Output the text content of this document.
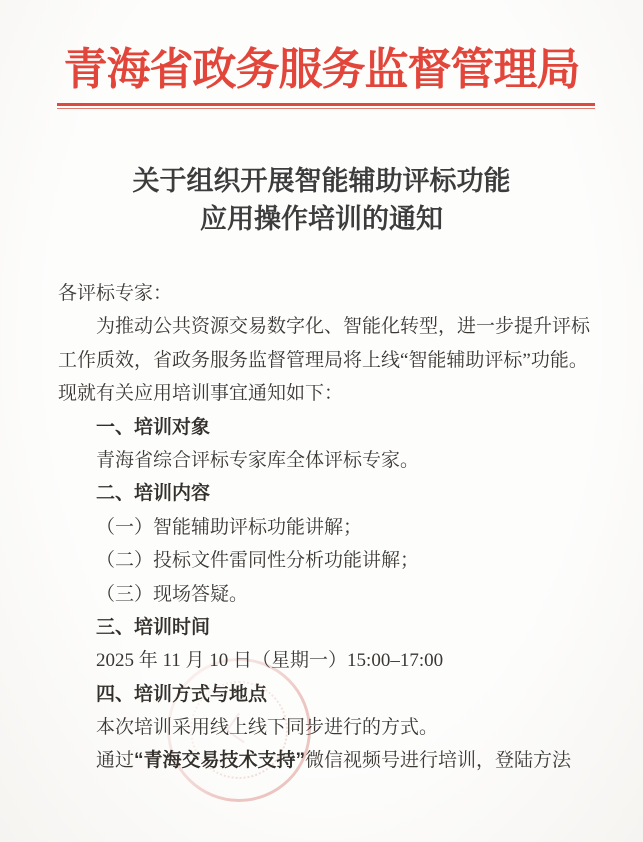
青海省政务服务监督管理局
关于组织开展智能辅助评标功能
应用操作培训的通知
各评标专家：
为推动公共资源交易数字化、智能化转型，进一步提升评标
工作质效，省政务服务监督管理局将上线“智能辅助评标”功能。
现就有关应用培训事宜通知如下：
一、培训对象
青海省综合评标专家库全体评标专家。
二、培训内容
（一）智能辅助评标功能讲解；
（二）投标文件雷同性分析功能讲解；
（三）现场答疑。
三、培训时间
2025 年 11 月 10 日（星期一）15:00–17:00
四、培训方式与地点
本次培训采用线上线下同步进行的方式。
通过“青海交易技术支持”微信视频号进行培训，登陆方法
